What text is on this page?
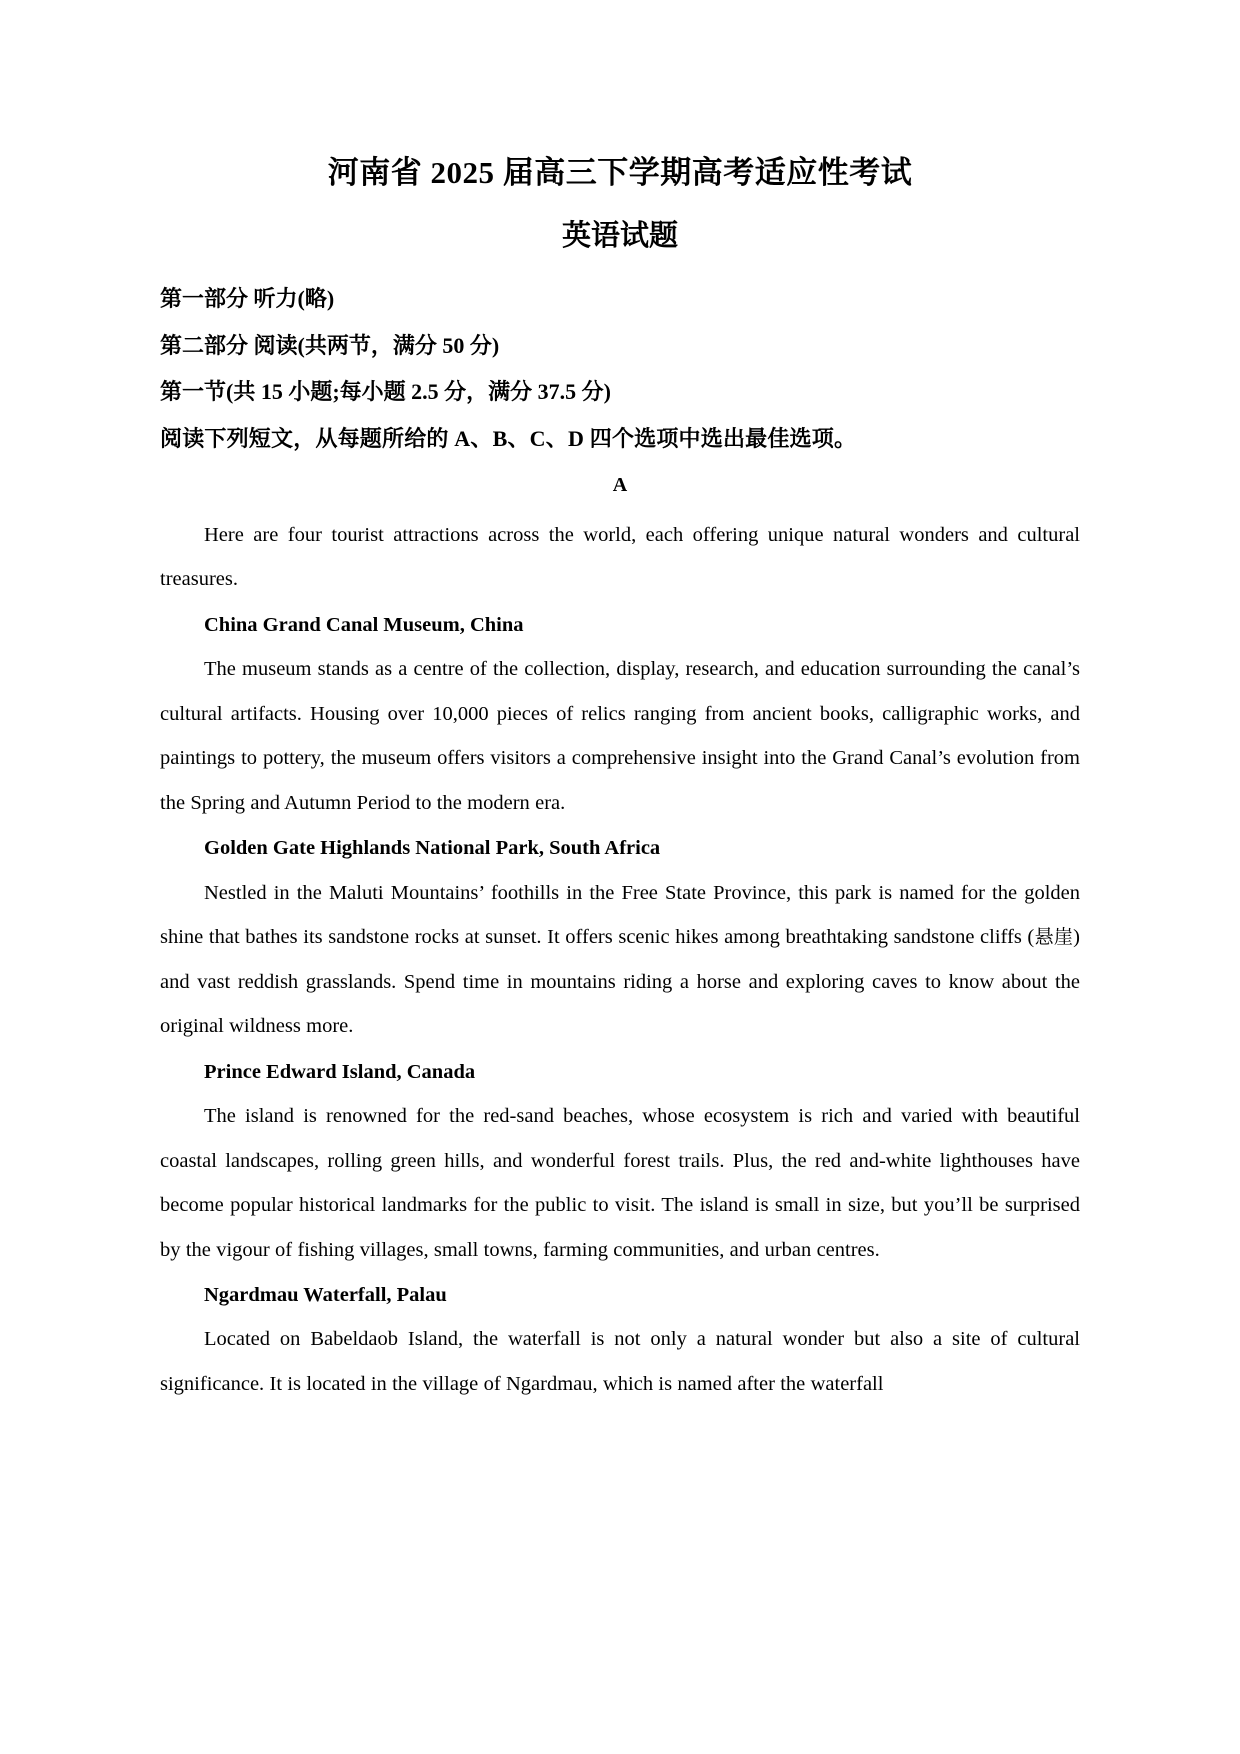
河南省 2025 届高三下学期高考适应性考试
英语试题
第一部分 听力(略)
第二部分 阅读(共两节，满分 50 分)
第一节(共 15 小题;每小题 2.5 分，满分 37.5 分)
阅读下列短文，从每题所给的 A、B、C、D 四个选项中选出最佳选项。
A

Here are four tourist attractions across the world, each offering unique natural wonders and cultural treasures.

China Grand Canal Museum, China

The museum stands as a centre of the collection, display, research, and education surrounding the canal’s cultural artifacts. Housing over 10,000 pieces of relics ranging from ancient books, calligraphic works, and paintings to pottery, the museum offers visitors a comprehensive insight into the Grand Canal’s evolution from the Spring and Autumn Period to the modern era.

Golden Gate Highlands National Park, South Africa

Nestled in the Maluti Mountains’ foothills in the Free State Province, this park is named for the golden shine that bathes its sandstone rocks at sunset. It offers scenic hikes among breathtaking sandstone cliffs (悬崖) and vast reddish grasslands. Spend time in mountains riding a horse and exploring caves to know about the original wildness more.

Prince Edward Island, Canada

The island is renowned for the red-sand beaches, whose ecosystem is rich and varied with beautiful coastal landscapes, rolling green hills, and wonderful forest trails. Plus, the red and-white lighthouses have become popular historical landmarks for the public to visit. The island is small in size, but you’ll be surprised by the vigour of fishing villages, small towns, farming communities, and urban centres.

Ngardmau Waterfall, Palau

Located on Babeldaob Island, the waterfall is not only a natural wonder but also a site of cultural significance. It is located in the village of Ngardmau, which is named after the waterfall
